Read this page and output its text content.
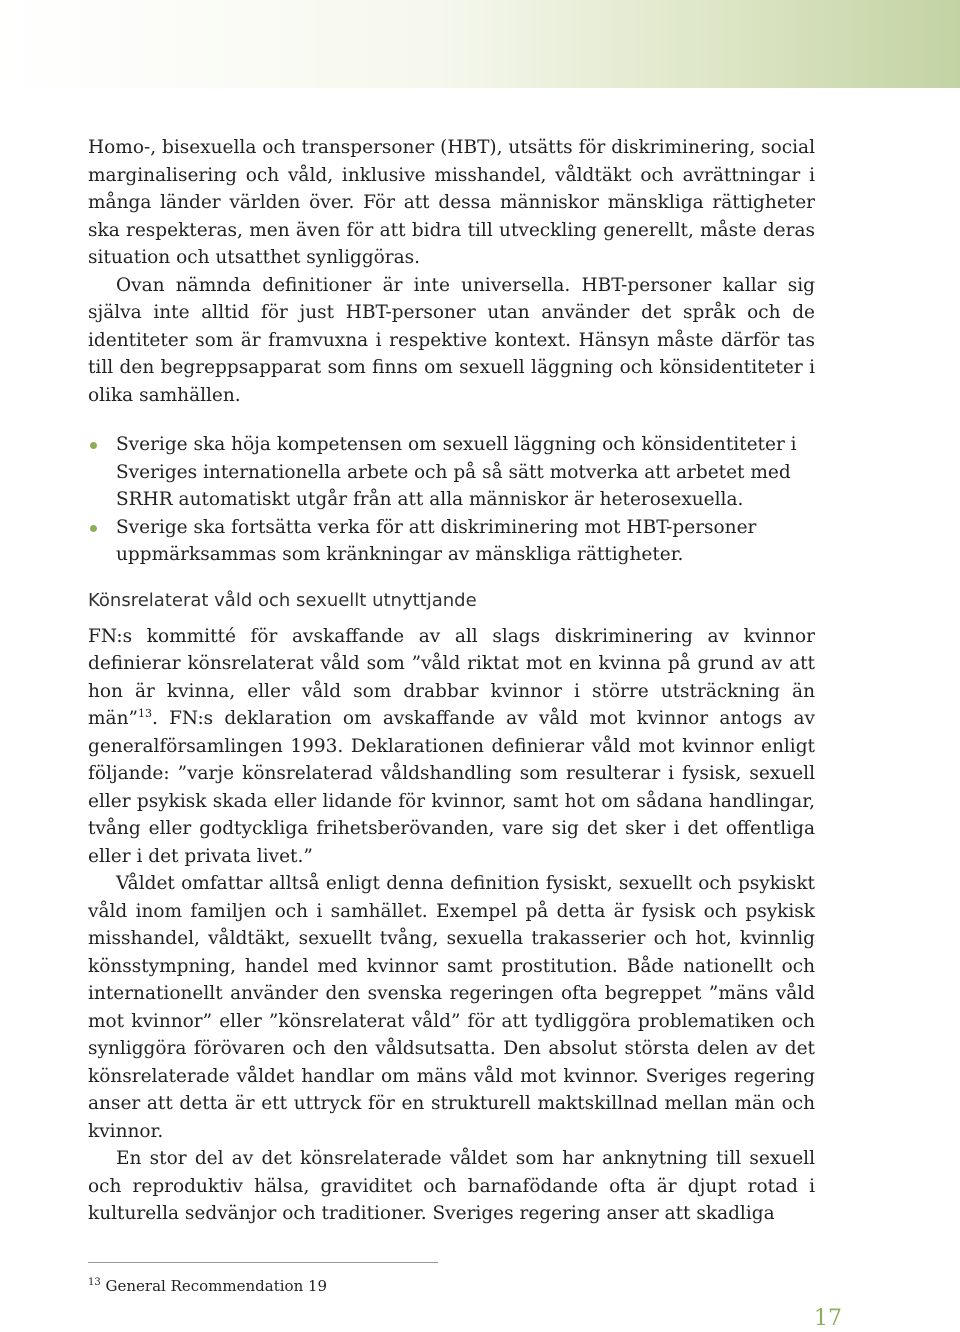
Homo-, bisexuella och transpersoner (HBT), utsätts för diskriminering, social marginalisering och våld, inklusive misshandel, våldtäkt och avrättningar i många länder världen över. För att dessa människor mänskliga rättigheter ska respekteras, men även för att bidra till utveckling generellt, måste deras situation och utsatthet synliggöras.

Ovan nämnda definitioner är inte universella. HBT-personer kallar sig själva inte alltid för just HBT-personer utan använder det språk och de identiteter som är framvuxna i respektive kontext. Hänsyn måste därför tas till den begreppsapparat som finns om sexuell läggning och könsidentiteter i olika samhällen.

Sverige ska höja kompetensen om sexuell läggning och könsidentiteter i Sveriges internationella arbete och på så sätt motverka att arbetet med SRHR automatiskt utgår från att alla människor är heterosexuella.
Sverige ska fortsätta verka för att diskriminering mot HBT-personer uppmärksammas som kränkningar av mänskliga rättigheter.
Könsrelaterat våld och sexuellt utnyttjande

FN:s kommitté för avskaffande av all slags diskriminering av kvinnor definierar könsrelaterat våld som ”våld riktat mot en kvinna på grund av att hon är kvinna, eller våld som drabbar kvinnor i större utsträckning än män”$^{13}$. FN:s deklaration om avskaffande av våld mot kvinnor antogs av generalförsamlingen 1993. Deklarationen definierar våld mot kvinnor enligt följande: ”varje könsrelaterad våldshandling som resulterar i fysisk, sexuell eller psykisk skada eller lidande för kvinnor, samt hot om sådana handlingar, tvång eller godtyckliga frihetsberövanden, vare sig det sker i det offentliga eller i det privata livet.”

Våldet omfattar alltså enligt denna definition fysiskt, sexuellt och psykiskt våld inom familjen och i samhället. Exempel på detta är fysisk och psykisk misshandel, våldtäkt, sexuellt tvång, sexuella trakasserier och hot, kvinnlig könsstympning, handel med kvinnor samt prostitution. Både nationellt och internationellt använder den svenska regeringen ofta begreppet ”mäns våld mot kvinnor” eller ”könsrelaterat våld” för att tydliggöra problematiken och synliggöra förövaren och den våldsutsatta. Den absolut största delen av det könsrelaterade våldet handlar om mäns våld mot kvinnor. Sveriges regering anser att detta är ett uttryck för en strukturell maktskillnad mellan män och kvinnor.

En stor del av det könsrelaterade våldet som har anknytning till sexuell och reproduktiv hälsa, graviditet och barnafödande ofta är djupt rotad i kulturella sedvänjor och traditioner. Sveriges regering anser att skadliga

$^{13}$ General Recommendation 19
17
